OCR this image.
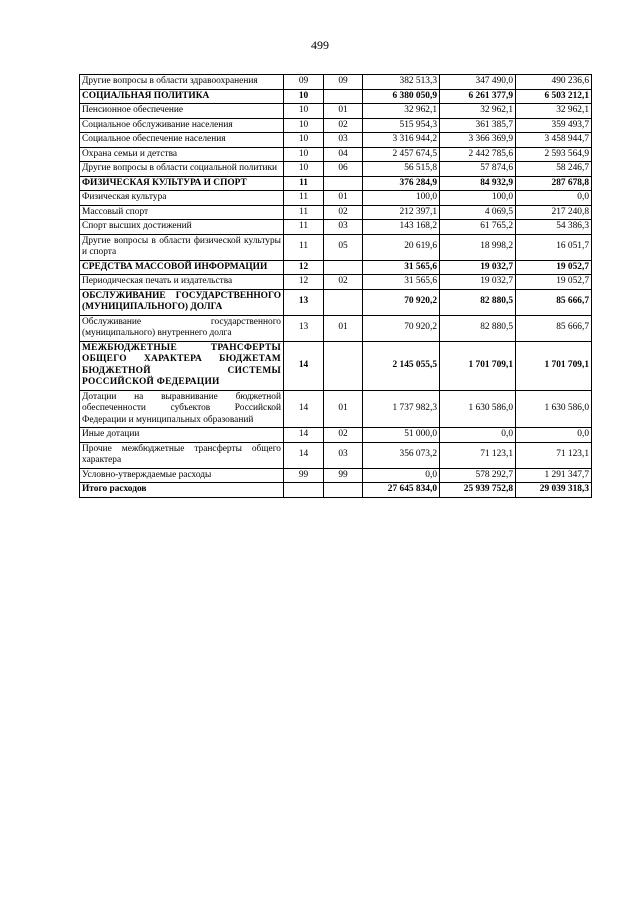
499
Другие вопросы в области здравоохранения	09	09	382 513,3	347 490,0	490 236,6
СОЦИАЛЬНАЯ ПОЛИТИКА	10		6 380 050,9	6 261 377,9	6 503 212,1
Пенсионное обеспечение	10	01	32 962,1	32 962,1	32 962,1
Социальное обслуживание населения	10	02	515 954,3	361 385,7	359 493,7
Социальное обеспечение населения	10	03	3 316 944,2	3 366 369,9	3 458 944,7
Охрана семьи и детства	10	04	2 457 674,5	2 442 785,6	2 593 564,9
Другие вопросы в области социальной политики	10	06	56 515,8	57 874,6	58 246,7
ФИЗИЧЕСКАЯ КУЛЬТУРА И СПОРТ	11		376 284,9	84 932,9	287 678,8
Физическая культура	11	01	100,0	100,0	0,0
Массовый спорт	11	02	212 397,1	4 069,5	217 240,8
Спорт высших достижений	11	03	143 168,2	61 765,2	54 386,3
Другие вопросы в области физической культуры и спорта	11	05	20 619,6	18 998,2	16 051,7
СРЕДСТВА МАССОВОЙ ИНФОРМАЦИИ	12		31 565,6	19 032,7	19 052,7
Периодическая печать и издательства	12	02	31 565,6	19 032,7	19 052,7
ОБСЛУЖИВАНИЕ ГОСУДАРСТВЕННОГО (МУНИЦИПАЛЬНОГО) ДОЛГА	13		70 920,2	82 880,5	85 666,7
Обслуживание государственного (муниципального) внутреннего долга	13	01	70 920,2	82 880,5	85 666,7
МЕЖБЮДЖЕТНЫЕ ТРАНСФЕРТЫ ОБЩЕГО ХАРАКТЕРА БЮДЖЕТАМ БЮДЖЕТНОЙ СИСТЕМЫ РОССИЙСКОЙ ФЕДЕРАЦИИ	14		2 145 055,5	1 701 709,1	1 701 709,1
Дотации на выравнивание бюджетной обеспеченности субъектов Российской Федерации и муниципальных образований	14	01	1 737 982,3	1 630 586,0	1 630 586,0
Иные дотации	14	02	51 000,0	0,0	0,0
Прочие межбюджетные трансферты общего характера	14	03	356 073,2	71 123,1	71 123,1
Условно-утверждаемые расходы	99	99	0,0	578 292,7	1 291 347,7
Итого расходов			27 645 834,0	25 939 752,8	29 039 318,3
